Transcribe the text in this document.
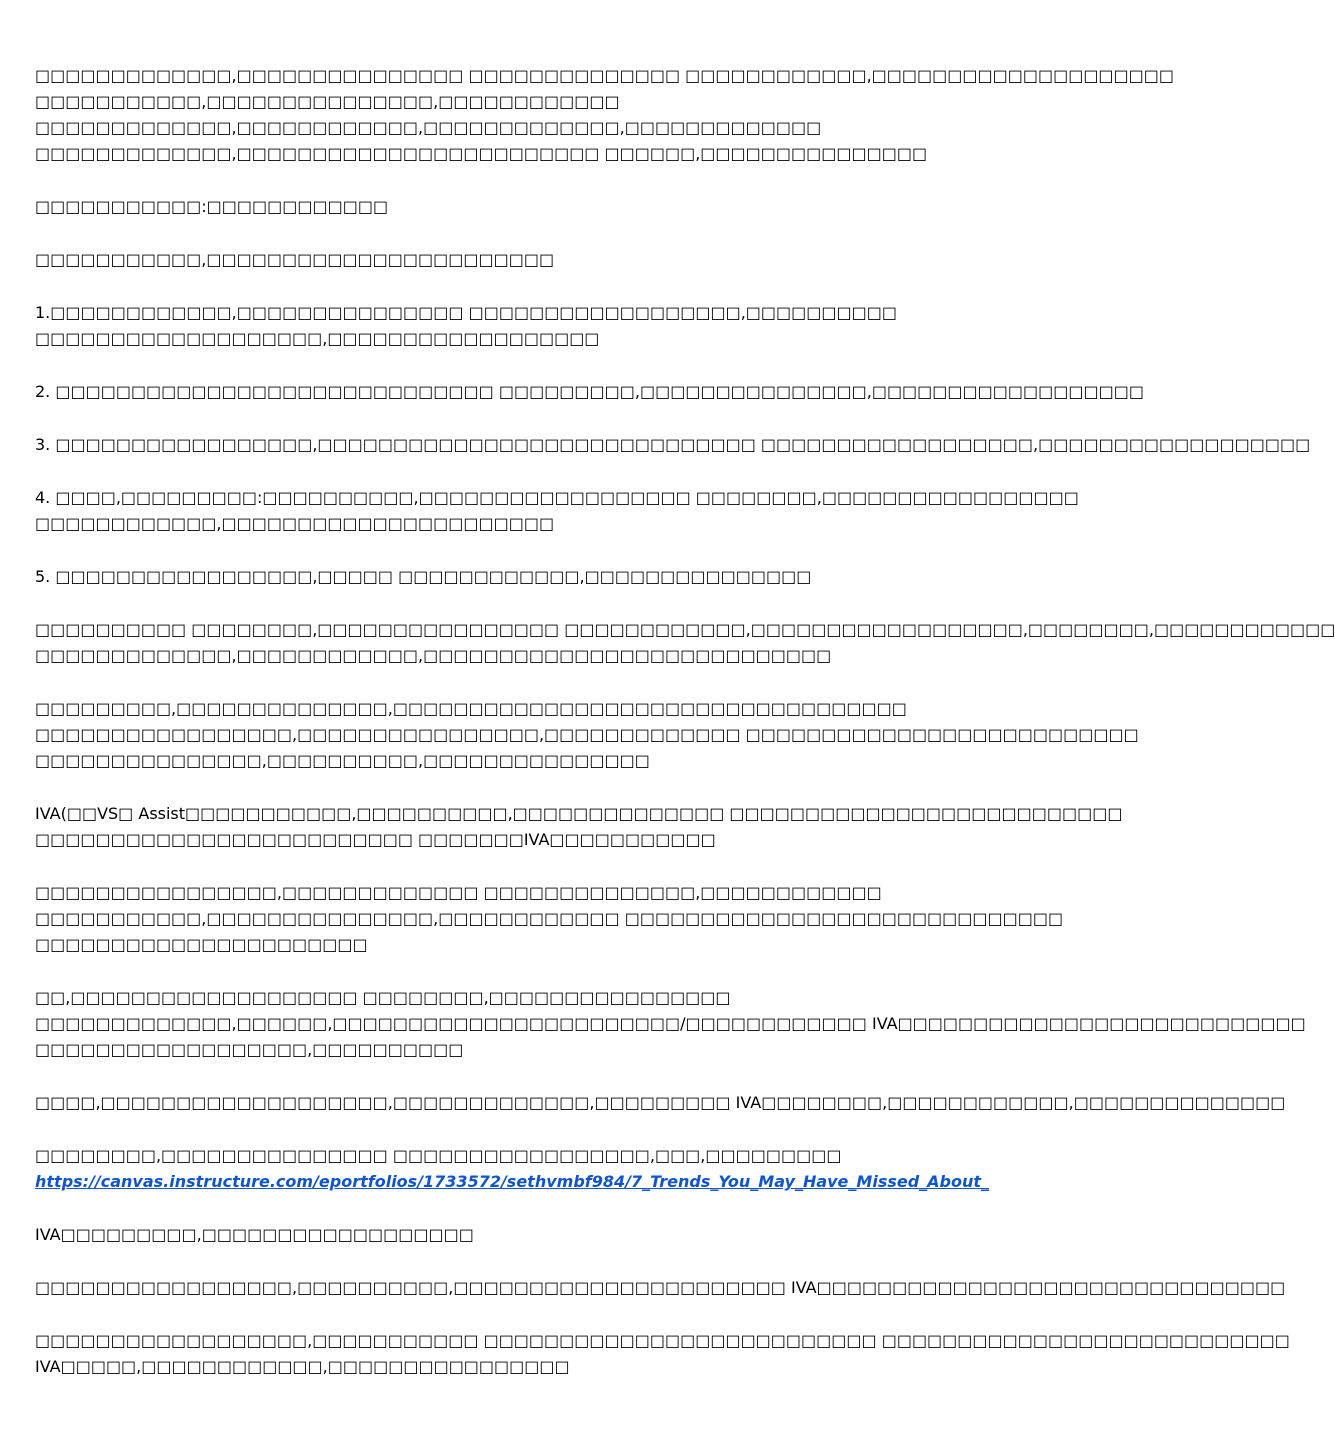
□□□□□□□□□□□□□,□□□□□□□□□□□□□□□ □□□□□□□□□□□□□□ □□□□□□□□□□□□,□□□□□□□□□□□□□□□□□□□□
□□□□□□□□□□□,□□□□□□□□□□□□□□□,□□□□□□□□□□□□
□□□□□□□□□□□□□,□□□□□□□□□□□□,□□□□□□□□□□□□□,□□□□□□□□□□□□□
□□□□□□□□□□□□□,□□□□□□□□□□□□□□□□□□□□□□□□ □□□□□□,□□□□□□□□□□□□□□□
□□□□□□□□□□□:□□□□□□□□□□□□
□□□□□□□□□□□,□□□□□□□□□□□□□□□□□□□□□□□
1.□□□□□□□□□□□□,□□□□□□□□□□□□□□□ □□□□□□□□□□□□□□□□□□,□□□□□□□□□□
□□□□□□□□□□□□□□□□□□□,□□□□□□□□□□□□□□□□□□
2. □□□□□□□□□□□□□□□□□□□□□□□□□□□□□ □□□□□□□□□,□□□□□□□□□□□□□□□,□□□□□□□□□□□□□□□□□□
3. □□□□□□□□□□□□□□□□□,□□□□□□□□□□□□□□□□□□□□□□□□□□□□□ □□□□□□□□□□□□□□□□□□,□□□□□□□□□□□□□□□□□□
4. □□□□,□□□□□□□□□:□□□□□□□□□□,□□□□□□□□□□□□□□□□□□ □□□□□□□□,□□□□□□□□□□□□□□□□□
□□□□□□□□□□□□,□□□□□□□□□□□□□□□□□□□□□□
5. □□□□□□□□□□□□□□□□□,□□□□□ □□□□□□□□□□□□,□□□□□□□□□□□□□□□
□□□□□□□□□□ □□□□□□□□,□□□□□□□□□□□□□□□□ □□□□□□□□□□□□,□□□□□□□□□□□□□□□□□□,□□□□□□□□,□□□□□□□□□□□□
□□□□□□□□□□□□□,□□□□□□□□□□□□,□□□□□□□□□□□□□□□□□□□□□□□□□□□
□□□□□□□□□,□□□□□□□□□□□□□□,□□□□□□□□□□□□□□□□□□□□□□□□□□□□□□□□□□
□□□□□□□□□□□□□□□□□,□□□□□□□□□□□□□□□□,□□□□□□□□□□□□□ □□□□□□□□□□□□□□□□□□□□□□□□□□
□□□□□□□□□□□□□□□,□□□□□□□□□□,□□□□□□□□□□□□□□□
IVA(□□VS□ Assist□□□□□□□□□□□,□□□□□□□□□□,□□□□□□□□□□□□□□ □□□□□□□□□□□□□□□□□□□□□□□□□□
□□□□□□□□□□□□□□□□□□□□□□□□□ □□□□□□□IVA□□□□□□□□□□□
□□□□□□□□□□□□□□□□,□□□□□□□□□□□□□ □□□□□□□□□□□□□□,□□□□□□□□□□□□
□□□□□□□□□□□,□□□□□□□□□□□□□□□,□□□□□□□□□□□□ □□□□□□□□□□□□□□□□□□□□□□□□□□□□□
□□□□□□□□□□□□□□□□□□□□□□
□□,□□□□□□□□□□□□□□□□□□□ □□□□□□□□,□□□□□□□□□□□□□□□□
□□□□□□□□□□□□□,□□□□□□,□□□□□□□□□□□□□□□□□□□□□□□/□□□□□□□□□□□□ IVA□□□□□□□□□□□□□□□□□□□□□□□□□□□
□□□□□□□□□□□□□□□□□□,□□□□□□□□□□
□□□□,□□□□□□□□□□□□□□□□□□□,□□□□□□□□□□□□□,□□□□□□□□□ IVA□□□□□□□□,□□□□□□□□□□□□,□□□□□□□□□□□□□□
□□□□□□□□,□□□□□□□□□□□□□□□ □□□□□□□□□□□□□□□□□,□□□,□□□□□□□□□
https://canvas.instructure.com/eportfolios/1733572/sethvmbf984/7_Trends_You_May_Have_Missed_About_
IVA□□□□□□□□□,□□□□□□□□□□□□□□□□□□
□□□□□□□□□□□□□□□□□,□□□□□□□□□□,□□□□□□□□□□□□□□□□□□□□□□ IVA□□□□□□□□□□□□□□□□□□□□□□□□□□□□□□□
□□□□□□□□□□□□□□□□□□,□□□□□□□□□□□ □□□□□□□□□□□□□□□□□□□□□□□□□□ □□□□□□□□□□□□□□□□□□□□□□□□□□□
IVA□□□□□,□□□□□□□□□□□□,□□□□□□□□□□□□□□□□
